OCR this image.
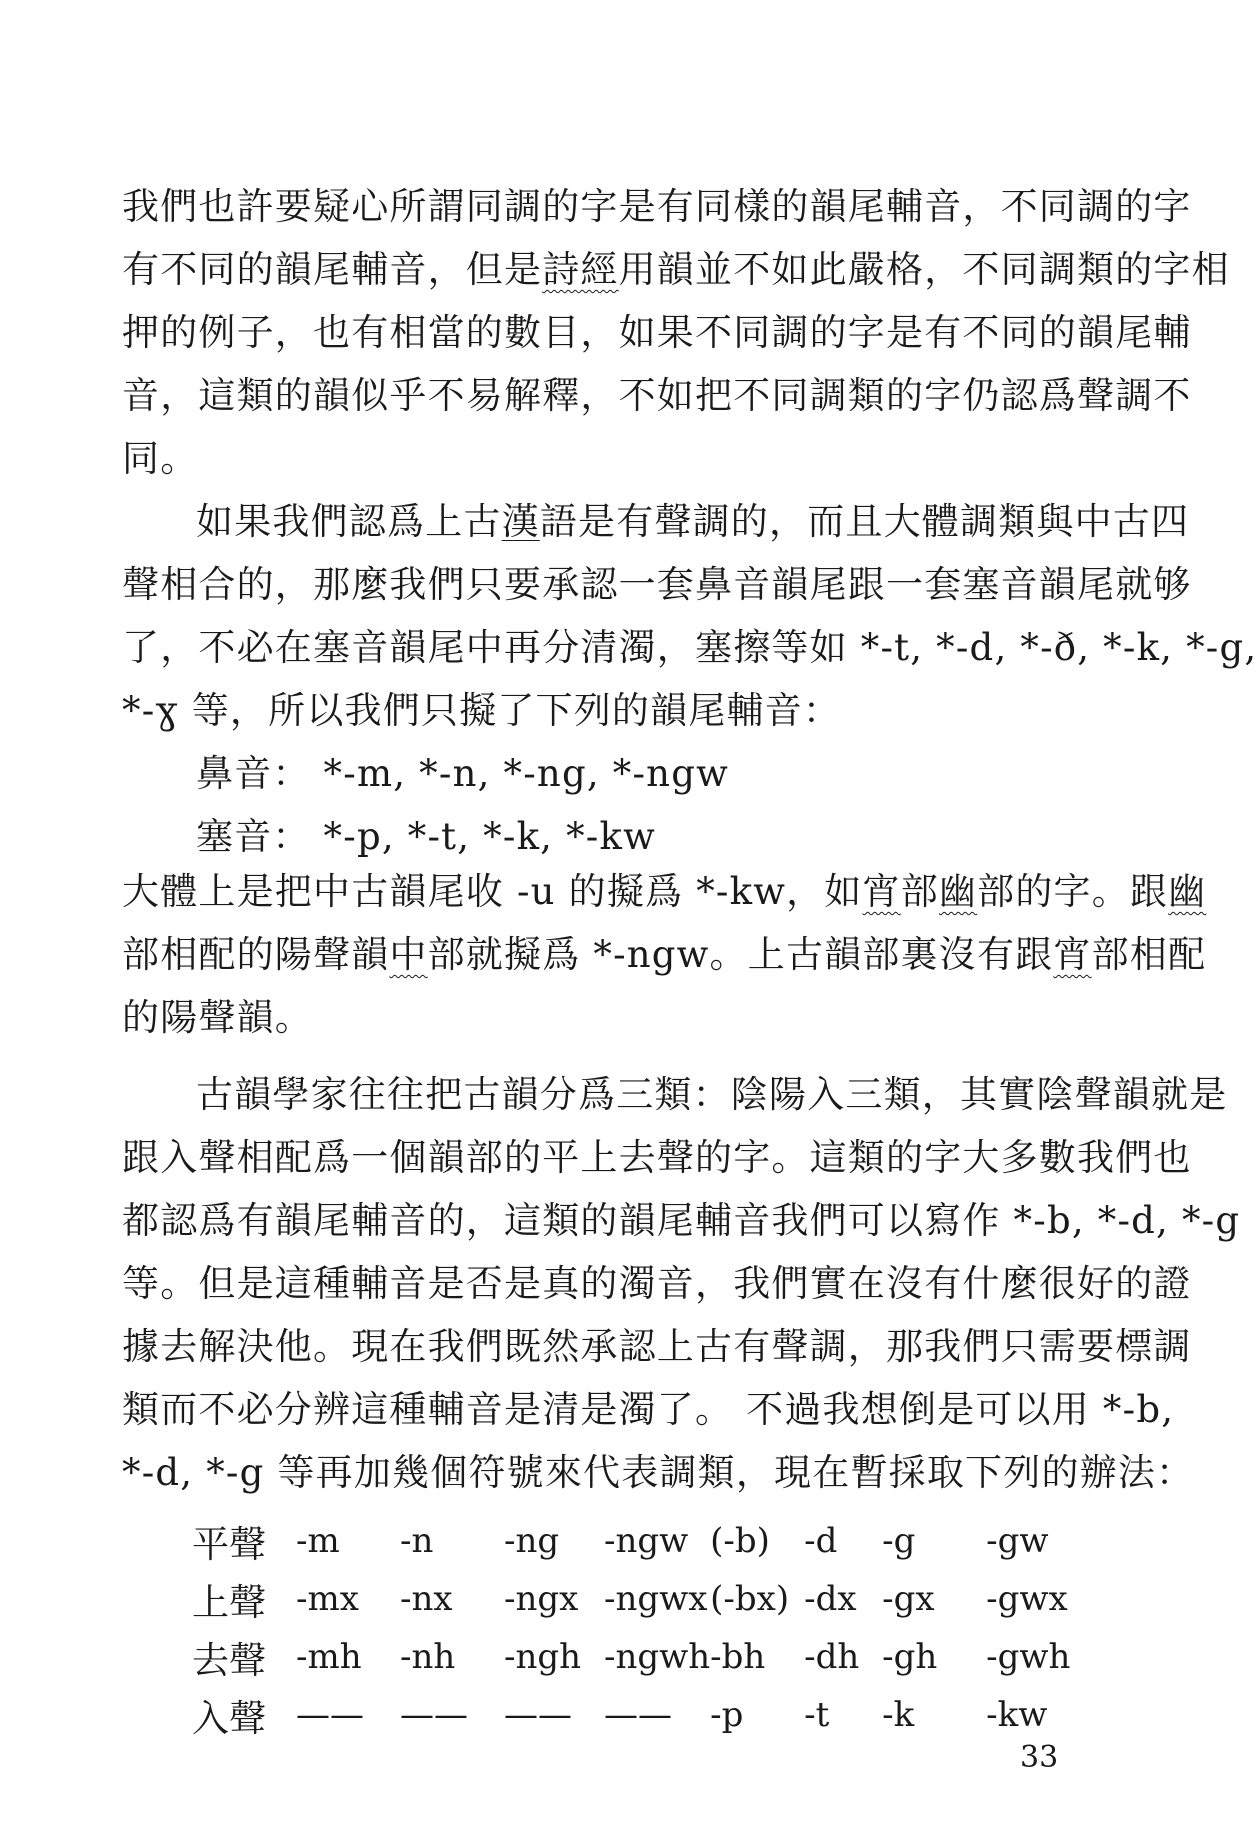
我們也許要疑心所謂同調的字是有同樣的韻尾輔音，不同調的字
有不同的韻尾輔音，但是詩經用韻並不如此嚴格，不同調類的字相
押的例子，也有相當的數目，如果不同調的字是有不同的韻尾輔
音，這類的韻似乎不易解釋，不如把不同調類的字仍認爲聲調不
同。
如果我們認爲上古漢語是有聲調的，而且大體調類與中古四
聲相合的，那麼我們只要承認一套鼻音韻尾跟一套塞音韻尾就够
了，不必在塞音韻尾中再分清濁，塞擦等如 *-t, *-d, *-ð, *-k, *-g,
*-ɣ 等，所以我們只擬了下列的韻尾輔音：
鼻音： *-m, *-n, *-ng, *-ngw
塞音： *-p, *-t, *-k, *-kw
大體上是把中古韻尾收 -u 的擬爲 *-kw，如宵部幽部的字。跟幽
部相配的陽聲韻中部就擬爲 *-ngw。上古韻部裏沒有跟宵部相配
的陽聲韻。
古韻學家往往把古韻分爲三類：陰陽入三類，其實陰聲韻就是
跟入聲相配爲一個韻部的平上去聲的字。這類的字大多數我們也
都認爲有韻尾輔音的，這類的韻尾輔音我們可以寫作 *-b, *-d, *-g
等。但是這種輔音是否是真的濁音，我們實在沒有什麼很好的證
據去解決他。現在我們既然承認上古有聲調，那我們只需要標調
類而不必分辨這種輔音是清是濁了。 不過我想倒是可以用 *-b,
*-d, *-g 等再加幾個符號來代表調類，現在暫採取下列的辦法：
平聲	-m	-n	-ng	-ngw	(-b)	-d	-g	-gw
上聲	-mx	-nx	-ngx	-ngwx	(-bx)	-dx	-gx	-gwx
去聲	-mh	-nh	-ngh	-ngwh	-bh	-dh	-gh	-gwh
入聲	——	——	——	——	-p	-t	-k	-kw
33
